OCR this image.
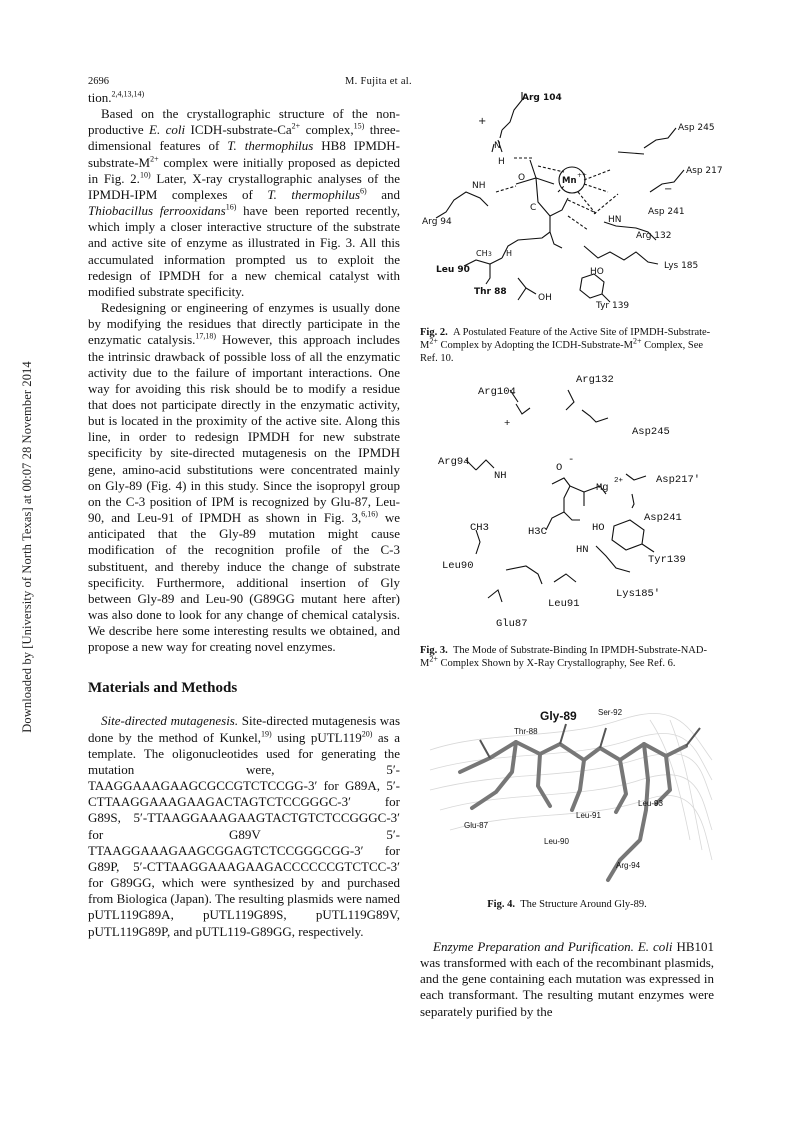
Downloaded by [University of North Texas] at 00:07 28 November 2014
2696	M. Fujita et al.

tion.$^{2,4,13,14)}$

Based on the crystallographic structure of the non-productive E. coli ICDH-$substrate-Ca^{2+}$ complex,$^{15)}$ three-dimensional features of T. thermophilus HB8 IPMDH-$substrate-M^{2+}$ complex were initially proposed as depicted in Fig. 2.$^{10)}$ Later, X-ray crystallographic analyses of the IPMDH-IPM complexes of T. thermophilus$^{6)}$ and Thiobacillus ferrooxidans$^{16)}$ have been reported recently, which imply a closer interactive structure of the substrate and active site of enzyme as illustrated in Fig. 3. All this accumulated information prompted us to exploit the redesign of IPMDH for a new chemical catalyst with modified substrate specificity.

Redesigning or engineering of enzymes is usually done by modifying the residues that directly participate in the enzymatic catalysis.$^{17,18)}$ However, this approach includes the intrinsic drawback of possible loss of all the enzymatic activity due to the failure of important interactions. One way for avoiding this risk should be to modify a residue that does not participate directly in the enzymatic activity, but is located in the proximity of the active site. Along this line, in order to redesign IPMDH for new substrate specificity by site-directed mutagenesis on the IPMDH gene, amino-acid substitutions were concentrated mainly on Gly-89 (Fig. 4) in this study. Since the isopropyl group on the C-3 position of IPM is recognized by Glu-87, Leu-90, and Leu-91 of IPMDH as shown in Fig. 3,$^{6,16)}$ we anticipated that the Gly-89 mutation might cause modification of the recognition profile of the C-3 substituent, and thereby induce the change of substrate specificity. Furthermore, additional insertion of Gly between Gly-89 and Leu-90 (G89GG mutant here after) was also done to look for any change of chemical catalysis. We describe here some interesting results we obtained, and propose a new way for creating novel enzymes.

Materials and Methods

Site-directed mutagenesis. Site-directed mutagenesis was done by the method of Kunkel,$^{19)}$ using pUTL119$^{20)}$ as a template. The oligonucleotides used for generating the mutation were, 5′-TAAGGAAAGAAGCGCCGTCTCCGG-3′ for G89A, 5′-CTTAAGGAAAGAAGACTAGTCTCCGGGC-3′ for G89S, 5′-TTAAGGAAAGAAGTACTGTCTCCGGGC-3′ for G89V 5′-TTAAGGAAAGAAGCGGAGTCTCCGGGCGG-3′ for G89P, 5′-CTTAAGGAAAGAAGACCCCCCGTCTCC-3′ for G89GG, which were synthesized by and purchased from Biologica (Japan). The resulting plasmids were named pUTL119G89A, pUTL119G89S, pUTL119G89V, pUTL119G89P, and pUTL119-G89GG, respectively.

Arg 104
Asp 245
Asp 217
Mn
++
Arg 94
Asp 241
Arg 132
Lys 185
Leu 90
Thr 88
Tyr 139
OH
N
H
NH
O
C
HN
HO
CH 3 H
+
−
Fig. 2. A Postulated Feature of the Active Site of IPMDH-$Substrate-M^{2+}$ Complex by Adopting the ICDH-$Substrate-M^{2+}$ Complex, See Ref. 10.
Arg132
Arg104
Asp245
Arg94
Mg
2+	Asp217'
Asp241
Tyr139
Leu90
Leu91
Lys185'
Glu87
CH3	H3C	HO
HN
NH
O
+
-
Fig. 3. The Mode of Substrate-Binding In IPMDH-$Substrate-NAD-M^{2+}$ Complex Shown by X-Ray Crystallography, See Ref. 6.
Gly-89
Thr-88
Ser-92
Leu-93
Leu-91
Glu-87
Leu-90
Arg-94
Fig. 4. The Structure Around Gly-89.

Enzyme Preparation and Purification. E. coli HB101 was transformed with each of the recombinant plasmids, and the gene containing each mutation was expressed in each transformant. The resulting mutant enzymes were separately purified by the
